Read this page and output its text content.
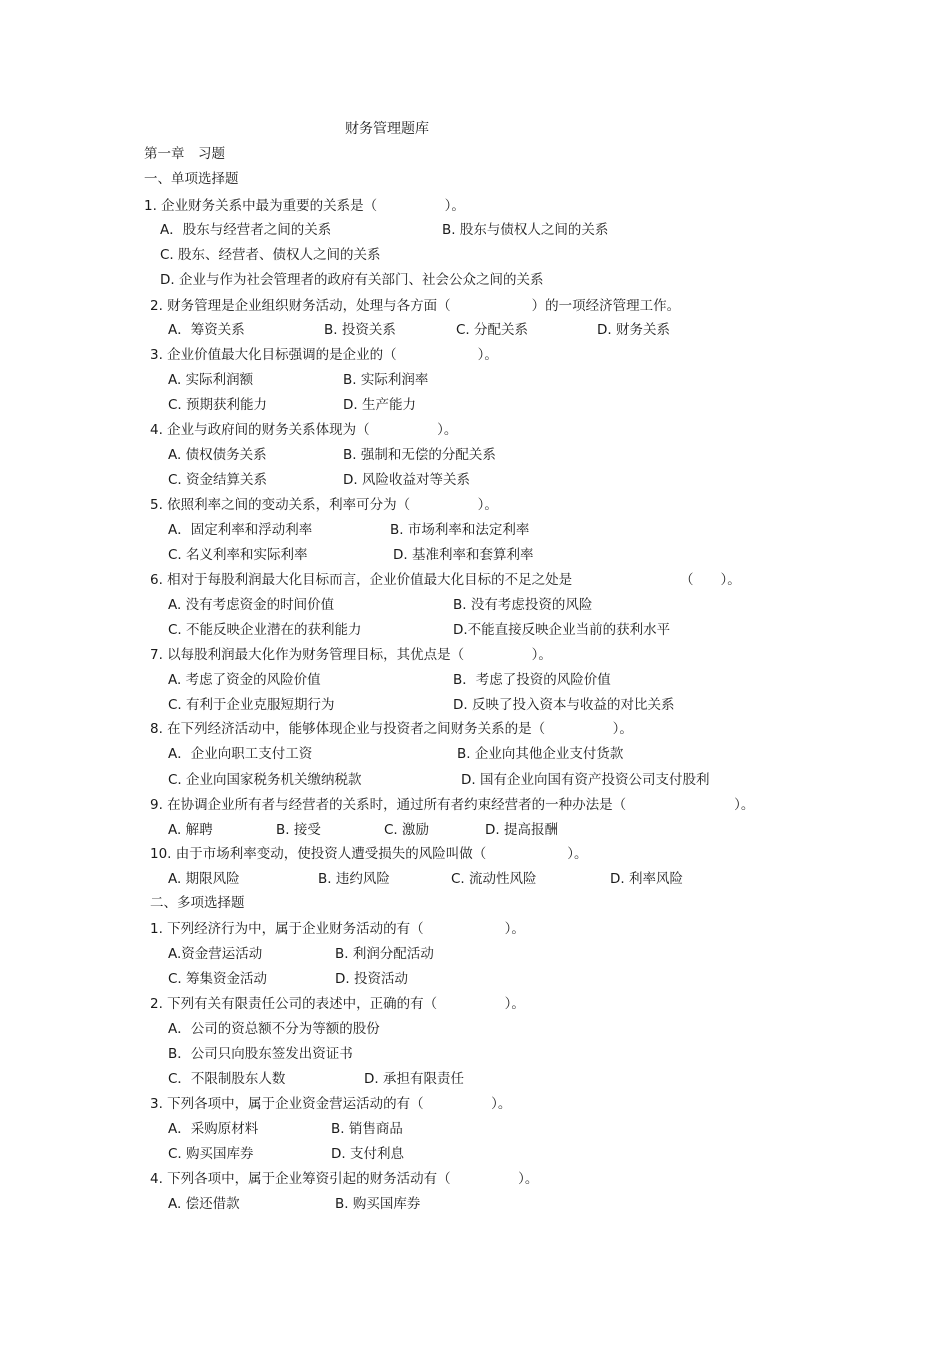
财务管理题库
第一章　习题
一、单项选择题
1. 企业财务关系中最为重要的关系是（　　　　　）。
A．股东与经营者之间的关系	B. 股东与债权人之间的关系
C. 股东、经营者、债权人之间的关系
D. 企业与作为社会管理者的政府有关部门、社会公众之间的关系
2. 财务管理是企业组织财务活动，处理与各方面（　　　　　　）的一项经济管理工作。
A．筹资关系	B. 投资关系	C. 分配关系	D. 财务关系
3. 企业价值最大化目标强调的是企业的（　　　　　　）。
A. 实际利润额	B. 实际利润率
C. 预期获利能力	D. 生产能力
4. 企业与政府间的财务关系体现为（　　　　　）。
A. 债权债务关系	B. 强制和无偿的分配关系
C. 资金结算关系	D. 风险收益对等关系
5. 依照利率之间的变动关系，利率可分为（　　　　　）。
A．固定利率和浮动利率	B. 市场利率和法定利率
C. 名义利率和实际利率	D. 基准利率和套算利率
6. 相对于每股利润最大化目标而言，企业价值最大化目标的不足之处是	（　　）。
A. 没有考虑资金的时间价值	B. 没有考虑投资的风险
C. 不能反映企业潜在的获利能力	D.不能直接反映企业当前的获利水平
7. 以每股利润最大化作为财务管理目标，其优点是（　　　　　）。
A. 考虑了资金的风险价值	B．考虑了投资的风险价值
C. 有利于企业克服短期行为	D. 反映了投入资本与收益的对比关系
8. 在下列经济活动中，能够体现企业与投资者之间财务关系的是（　　　　　）。
A．企业向职工支付工资	B. 企业向其他企业支付货款
C. 企业向国家税务机关缴纳税款	D. 国有企业向国有资产投资公司支付股利
9. 在协调企业所有者与经营者的关系时，通过所有者约束经营者的一种办法是（　　　　　　　　）。
A. 解聘	B. 接受	C. 激励	D. 提高报酬
10. 由于市场利率变动，使投资人遭受损失的风险叫做（　　　　　　）。
A. 期限风险	B. 违约风险	C. 流动性风险	D. 利率风险
二、多项选择题
1. 下列经济行为中，属于企业财务活动的有（　　　　　　）。
A.资金营运活动	B. 利润分配活动
C. 筹集资金活动	D. 投资活动
2. 下列有关有限责任公司的表述中，正确的有（　　　　　）。
A．公司的资总额不分为等额的股份
B．公司只向股东签发出资证书
C．不限制股东人数	D. 承担有限责任
3. 下列各项中，属于企业资金营运活动的有（　　　　　）。
A．采购原材料	B. 销售商品
C. 购买国库券	D. 支付利息
4. 下列各项中，属于企业筹资引起的财务活动有（　　　　　）。
A. 偿还借款	B. 购买国库券
